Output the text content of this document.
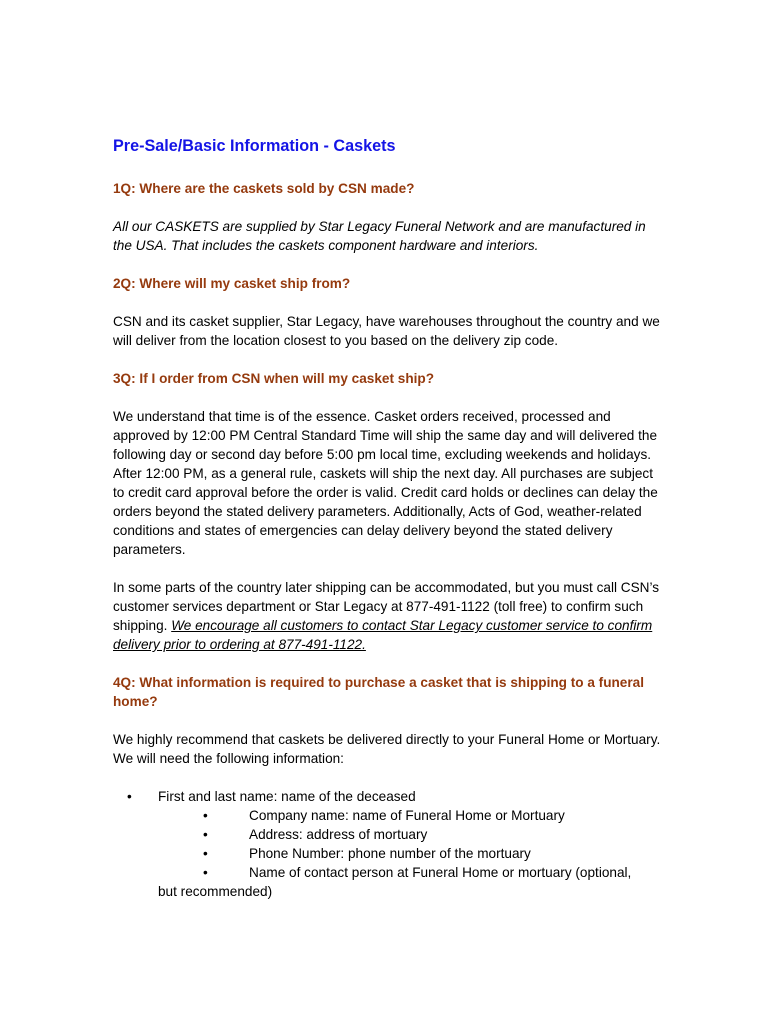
Pre-Sale/Basic Information - Caskets

1Q: Where are the caskets sold by CSN made?

All our CASKETS are supplied by Star Legacy Funeral Network and are manufactured in the USA. That includes the caskets component hardware and interiors.

2Q: Where will my casket ship from?

CSN and its casket supplier, Star Legacy, have warehouses throughout the country and we will deliver from the location closest to you based on the delivery zip code.

3Q: If I order from CSN when will my casket ship?

We understand that time is of the essence. Casket orders received, processed and approved by 12:00 PM Central Standard Time will ship the same day and will delivered the following day or second day before 5:00 pm local time, excluding weekends and holidays. After 12:00 PM, as a general rule, caskets will ship the next day. All purchases are subject to credit card approval before the order is valid. Credit card holds or declines can delay the orders beyond the stated delivery parameters. Additionally, Acts of God, weather-related conditions and states of emergencies can delay delivery beyond the stated delivery parameters.

In some parts of the country later shipping can be accommodated, but you must call CSN’s customer services department or Star Legacy at 877-491-1122 (toll free) to confirm such shipping. We encourage all customers to contact Star Legacy customer service to confirm delivery prior to ordering at 877-491-1122.

4Q: What information is required to purchase a casket that is shipping to a funeral home?

We highly recommend that caskets be delivered directly to your Funeral Home or Mortuary. We will need the following information:

• First and last name: name of the deceased
•	Company name: name of Funeral Home or Mortuary
•	Address: address of mortuary
•	Phone Number: phone number of the mortuary
•	Name of contact person at Funeral Home or mortuary (optional,
but recommended)
